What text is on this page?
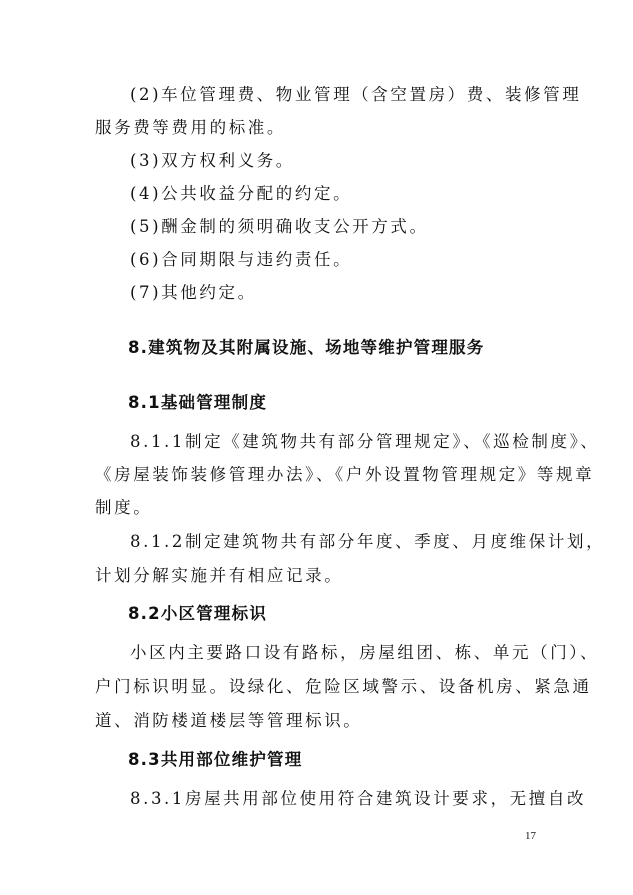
(2)车位管理费、物业管理（含空置房）费、装修管理
服务费等费用的标准。
(3)双方权利义务。
(4)公共收益分配的约定。
(5)酬金制的须明确收支公开方式。
(6)合同期限与违约责任。
(7)其他约定。
8.建筑物及其附属设施、场地等维护管理服务
8.1基础管理制度
8.1.1制定《建筑物共有部分管理规定》、《巡检制度》、
《房屋装饰装修管理办法》、《户外设置物管理规定》等规章
制度。
8.1.2制定建筑物共有部分年度、季度、月度维保计划，
计划分解实施并有相应记录。
8.2小区管理标识
小区内主要路口设有路标，房屋组团、栋、单元（门）、
户门标识明显。设绿化、危险区域警示、设备机房、紧急通
道、消防楼道楼层等管理标识。
8.3共用部位维护管理
8.3.1房屋共用部位使用符合建筑设计要求，无擅自改
17
